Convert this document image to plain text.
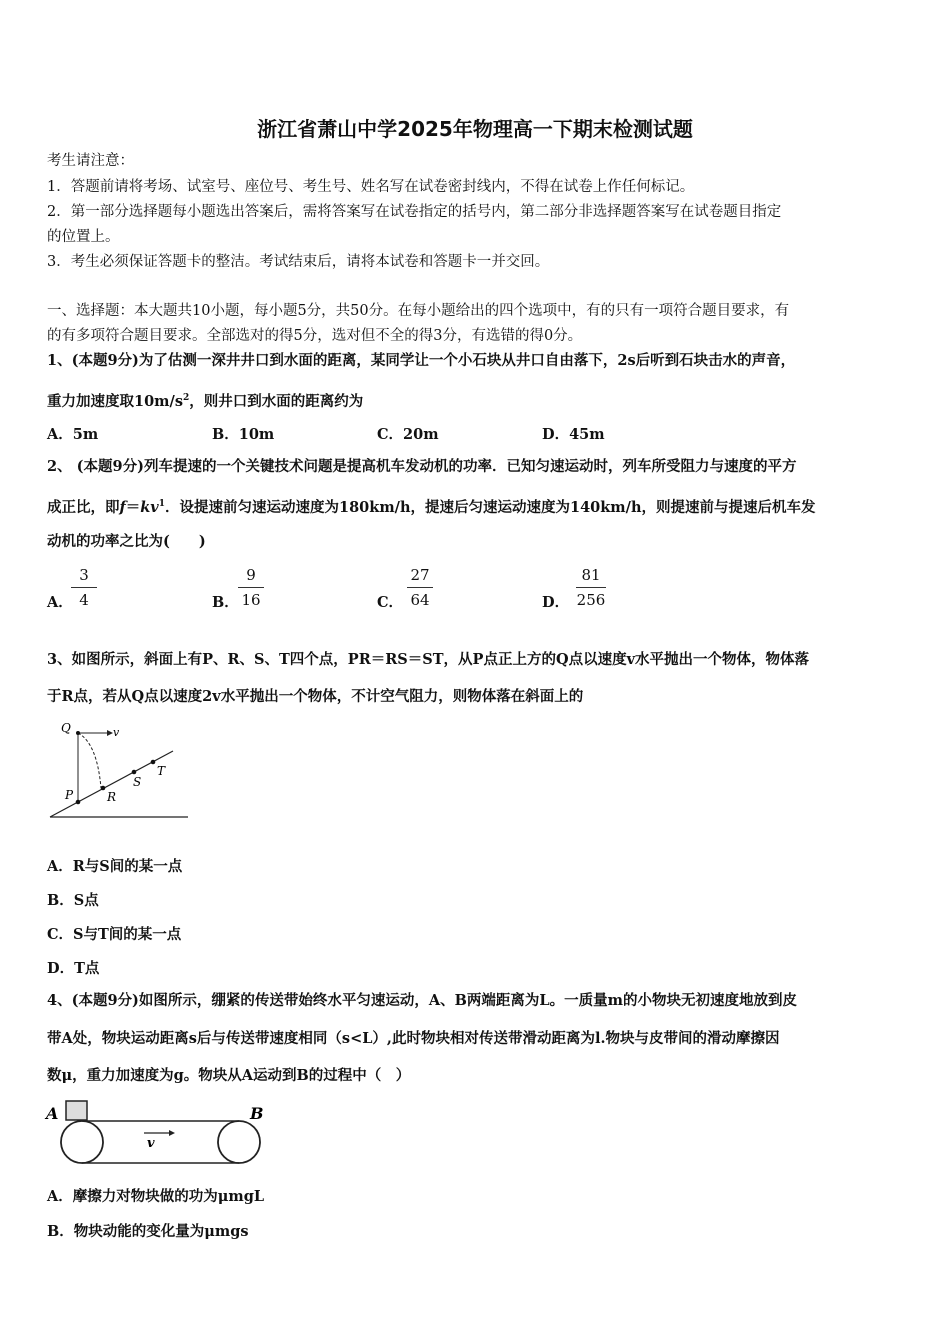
浙江省萧山中学2025年物理高一下期末检测试题
考生请注意：
1．答题前请将考场、试室号、座位号、考生号、姓名写在试卷密封线内，不得在试卷上作任何标记。
2．第一部分选择题每小题选出答案后，需将答案写在试卷指定的括号内，第二部分非选择题答案写在试卷题目指定
的位置上。
3．考生必须保证答题卡的整洁。考试结束后，请将本试卷和答题卡一并交回。
一、选择题：本大题共10小题，每小题5分，共50分。在每小题给出的四个选项中，有的只有一项符合题目要求，有
的有多项符合题目要求。全部选对的得5分，选对但不全的得3分，有选错的得0分。
1、(本题9分)为了估测一深井井口到水面的距离，某同学让一个小石块从井口自由落下，2s后听到石块击水的声音，
重力加速度取$10m/s^2$，则井口到水面的距离约为
A．5m	B．10m	C．20m	D．45m
2、 (本题9分)列车提速的一个关键技术问题是提高机车发动机的功率．已知匀速运动时，列车所受阻力与速度的平方
成正比，即$f=kv^1$．设提速前匀速运动速度为180km/h，提速后匀速运动速度为140km/h，则提速前与提速后机车发
动机的功率之比为(　　)
A．
3
4	B．
9
16	C．
27
64	D．
81
256
3、如图所示，斜面上有P、R、S、T四个点，PR＝RS＝ST，从P点正上方的Q点以速度v水平抛出一个物体，物体落
于R点，若从Q点以速度2v水平抛出一个物体，不计空气阻力，则物体落在斜面上的
Q	v
P	R
S
T
A．R与S间的某一点
B．S点
C．S与T间的某一点
D．T点
4、(本题9分)如图所示，绷紧的传送带始终水平匀速运动，A、B两端距离为L。一质量m的小物块无初速度地放到皮
带A处，物块运动距离s后与传送带速度相同（s<L）,此时物块相对传送带滑动距离为l.物块与皮带间的滑动摩擦因
数μ，重力加速度为g。物块从A运动到B的过程中（　）
A	B
v
A．摩擦力对物块做的功为μmgL
B．物块动能的变化量为μmgs
